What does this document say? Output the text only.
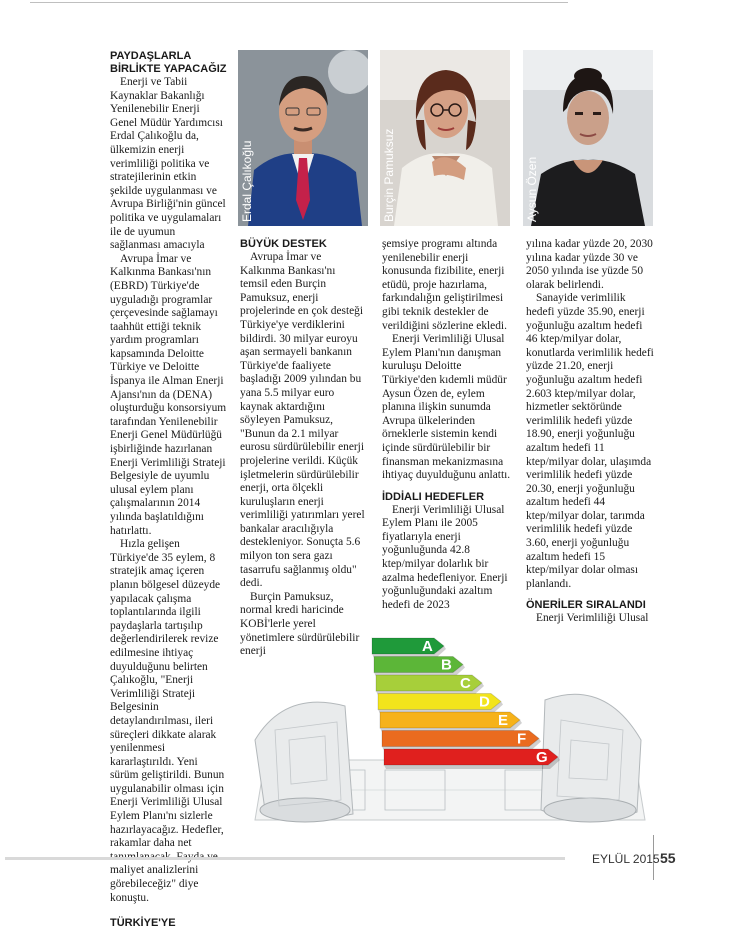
PAYDAŞLARLA BİRLİKTE YAPACAĞIZ

Enerji ve Tabii Kaynaklar Bakanlığı Yenilenebilir Enerji Genel Müdür Yardımcısı Erdal Çalıkoğlu da, ülkemizin enerji verimliliği politika ve stratejilerinin etkin şekilde uygulanması ve Avrupa Birliği'nin güncel politika ve uygulamaları ile de uyumun sağlanması amacıyla

Avrupa İmar ve Kalkınma Bankası'nın (EBRD) Türkiye'de uyguladığı programlar çerçevesinde sağlamayı taahhüt ettiği teknik yardım programları kapsamında Deloitte Türkiye ve Deloitte İspanya ile Alman Enerji Ajansı'nın da (DENA) oluşturduğu konsorsiyum tarafından Yenilenebilir Enerji Genel Müdürlüğü işbirliğinde hazırlanan Enerji Verimliliği Strateji Belgesiyle de uyumlu ulusal eylem planı çalışmalarının 2014 yılında başlatıldığını hatırlattı.

Hızla gelişen Türkiye'de 35 eylem, 8 stratejik amaç içeren planın bölgesel düzeyde yapılacak çalışma toplantılarında ilgili paydaşlarla tartışılıp değerlendirilerek revize edilmesine ihtiyaç duyulduğunu belirten Çalıkoğlu, "Enerji Verimliliği Strateji Belgesinin detaylandırılması, ileri süreçleri dikkate alarak yenilenmesi kararlaştırıldı. Yeni sürüm geliştirildi. Bunun uygulanabilir olması için Enerji Verimliliği Ulusal Eylem Planı'nı sizlerle hazırlayacağız. Hedefler, rakamlar daha net maliyet analizlerini görebileceğiz" diye konuştu.

TÜRKİYE'YE
Erdal Çalıkoğlu	Burçin Pamuksuz	Aysun Özen
BÜYÜK DESTEK

Avrupa İmar ve Kalkınma Bankası'nı temsil eden Burçin Pamuksuz, enerji projelerinde en çok desteği Türkiye'ye verdiklerini bildirdi. 30 milyar euroyu aşan sermayeli bankanın Türkiye'de faaliyete başladığı 2009 yılından bu yana 5.5 milyar euro kaynak aktardığını söyleyen Pamuksuz, "Bunun da 2.1 milyar eurosu sürdürülebilir enerji projelerine verildi. Küçük işletmelerin sürdürülebilir enerji, orta ölçekli kuruluşların enerji verimliliği yatırımları yerel bankalar aracılığıyla destekleniyor. Sonuçta 5.6 milyon ton sera gazı tasarrufu sağlanmış oldu" dedi.

Burçin Pamuksuz, normal kredi haricinde KOBİ'lerle yerel yönetimlere sürdürülebilir enerji

şemsiye programı altında yenilenebilir enerji konusunda fizibilite, enerji etüdü, proje hazırlama, farkındalığın geliştirilmesi gibi teknik destekler de verildiğini sözlerine ekledi.

Enerji Verimliliği Ulusal Eylem Planı'nın danışman kuruluşu Deloitte Türkiye'den kıdemli müdür Aysun Özen de, eylem planına ilişkin sunumda Avrupa ülkelerinden örneklerle sistemin kendi içinde sürdürülebilir bir finansman mekanizmasına ihtiyaç duyulduğunu anlattı.

İDDİALI HEDEFLER

Enerji Verimliliği Ulusal Eylem Planı ile 2005 fiyatlarıyla enerji yoğunluğunda 42.8 ktep/milyar dolarlık bir azalma hedefleniyor. Enerji yoğunluğundaki azaltım hedefi de 2023

yılına kadar yüzde 20, 2030 yılına kadar yüzde 30 ve 2050 yılında ise yüzde 50 olarak belirlendi.

Sanayide verimlilik hedefi yüzde 35.90, enerji yoğunluğu azaltım hedefi 46 ktep/milyar dolar, konutlarda verimlilik hedefi yüzde 21.20, enerji yoğunluğu azaltım hedefi 2.603 ktep/milyar dolar, hizmetler sektöründe verimlilik hedefi yüzde 18.90, enerji yoğunluğu azaltım hedefi 11 ktep/milyar dolar, ulaşımda verimlilik hedefi yüzde 20.30, enerji yoğunluğu azaltım hedefi 44 ktep/milyar dolar, tarımda verimlilik hedefi yüzde 3.60, enerji yoğunluğu azaltım hedefi 15 ktep/milyar dolar olması planlandı.

ÖNERİLER SIRALANDI

Enerji Verimliliği Ulusal

A
B
C
D
E
F
G
EYLÜL 2015 55
